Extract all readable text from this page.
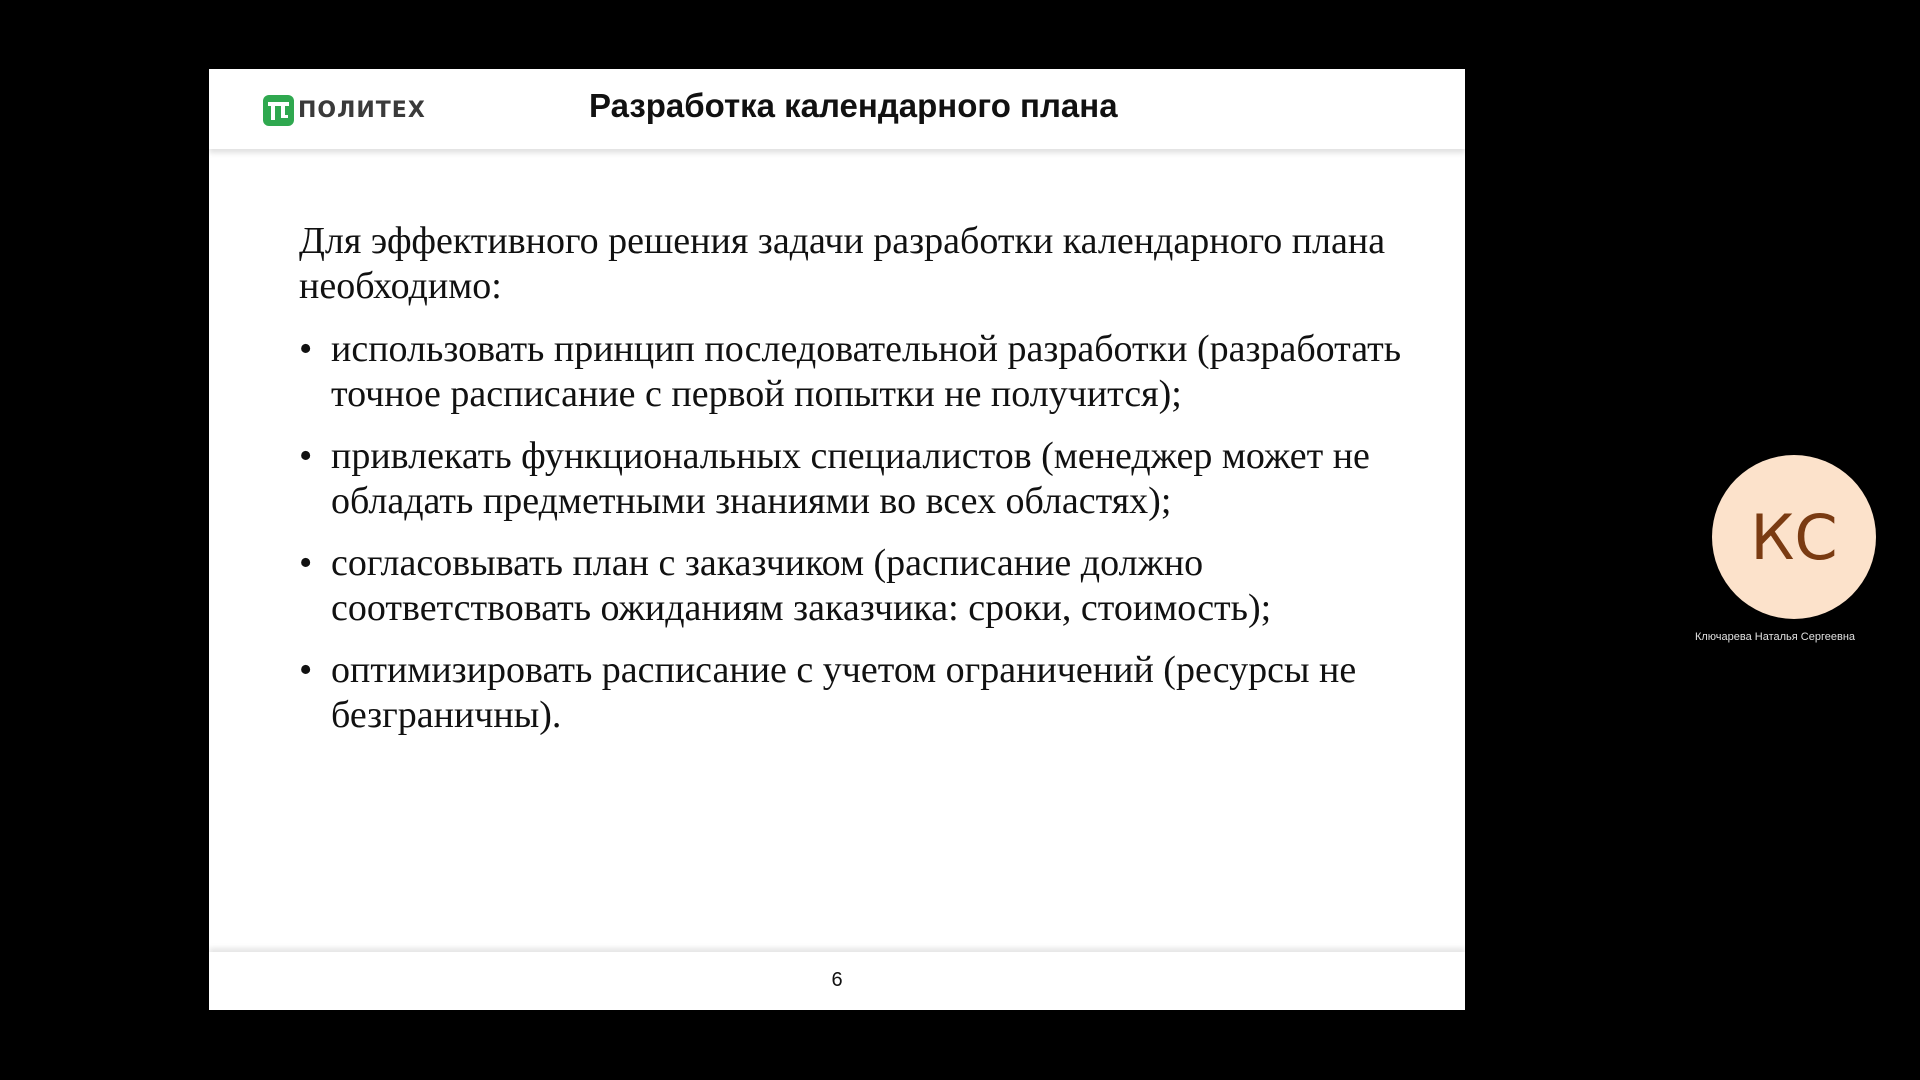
ПОЛИТЕХ	Разработка календарного плана

Для эффективного решения задачи разработки календарного плана необходимо:

• использовать принцип последовательной разработки (разработать точное расписание с первой попытки не получится);
• привлекать функциональных специалистов (менеджер может не обладать предметными знаниями во всех областях);
• согласовывать план с заказчиком (расписание должно соответствовать ожиданиям заказчика: сроки, стоимость);
• оптимизировать расписание с учетом ограничений (ресурсы не безграничны).
6
КС
Ключарева Наталья Сергеевна
